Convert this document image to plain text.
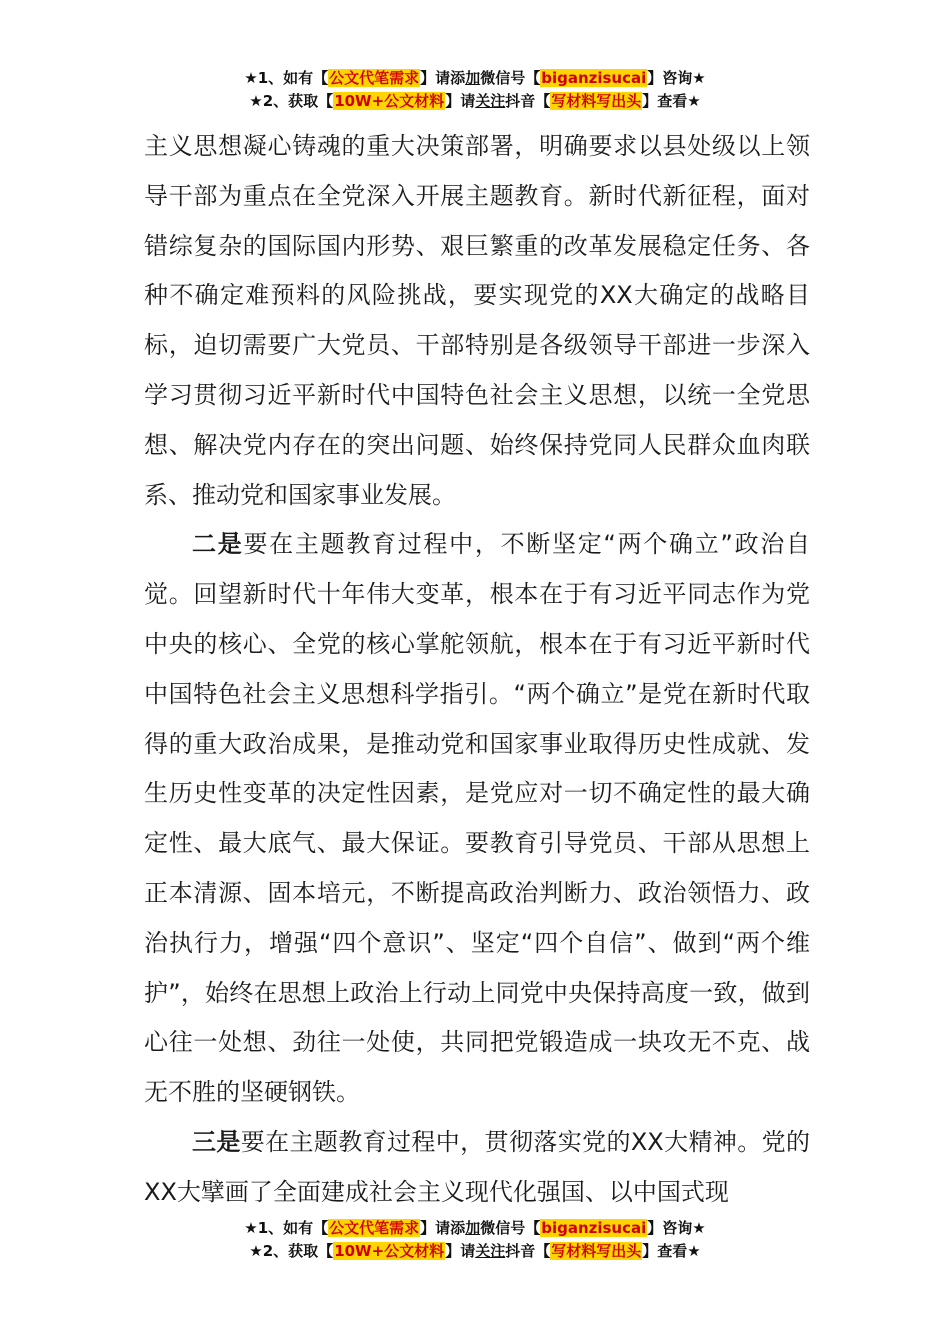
★1、如有【公文代笔需求】请添加微信号【biganzisucai】咨询★
★2、获取【10W+公文材料】请关注抖音【写材料写出头】查看★

主义思想凝心铸魂的重大决策部署，明确要求以县处级以上领导干部为重点在全党深入开展主题教育。新时代新征程，面对错综复杂的国际国内形势、艰巨繁重的改革发展稳定任务、各种不确定难预料的风险挑战，要实现党的XX大确定的战略目标，迫切需要广大党员、干部特别是各级领导干部进一步深入学习贯彻习近平新时代中国特色社会主义思想，以统一全党思想、解决党内存在的突出问题、始终保持党同人民群众血肉联系、推动党和国家事业发展。

二是要在主题教育过程中，不断坚定“两个确立”政治自觉。回望新时代十年伟大变革，根本在于有习近平同志作为党中央的核心、全党的核心掌舵领航，根本在于有习近平新时代中国特色社会主义思想科学指引。“两个确立”是党在新时代取得的重大政治成果，是推动党和国家事业取得历史性成就、发生历史性变革的决定性因素，是党应对一切不确定性的最大确定性、最大底气、最大保证。要教育引导党员、干部从思想上正本清源、固本培元，不断提高政治判断力、政治领悟力、政治执行力，增强“四个意识”、坚定“四个自信”、做到“两个维护”，始终在思想上政治上行动上同党中央保持高度一致，做到心往一处想、劲往一处使，共同把党锻造成一块攻无不克、战无不胜的坚硬钢铁。

三是要在主题教育过程中，贯彻落实党的XX大精神。党的XX大擘画了全面建成社会主义现代化强国、以中国式现

★1、如有【公文代笔需求】请添加微信号【biganzisucai】咨询★
★2、获取【10W+公文材料】请关注抖音【写材料写出头】查看★
